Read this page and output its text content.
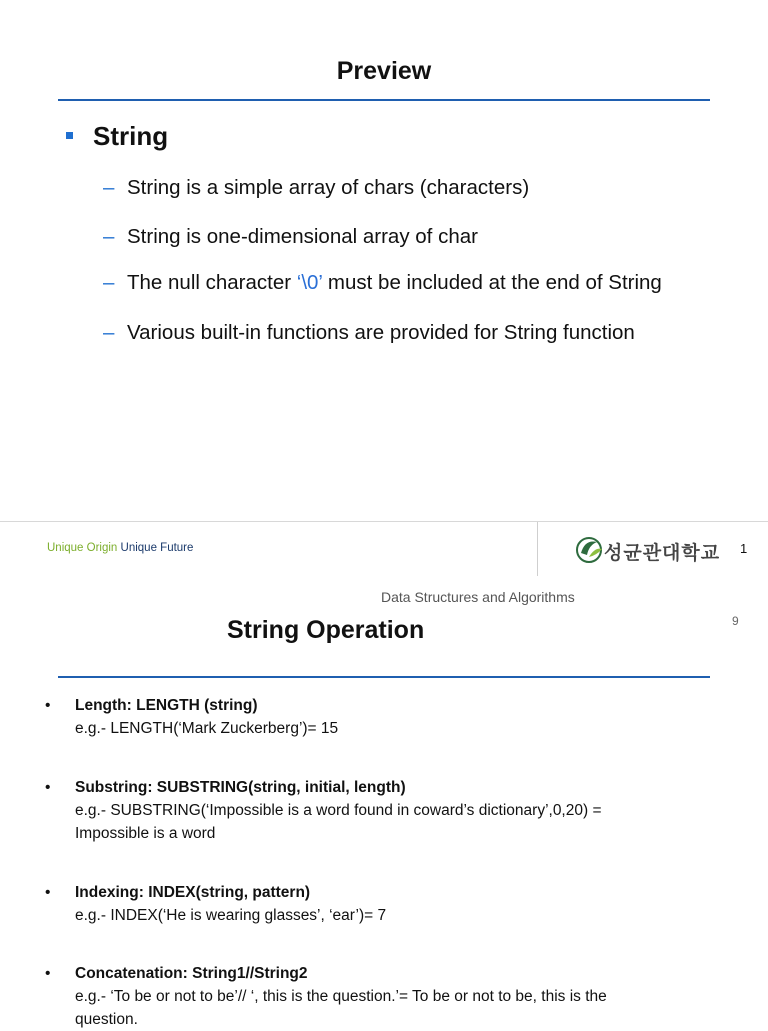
Preview
String
– String is a simple array of chars (characters)
– String is one-dimensional array of char
– The null character ‘\0’ must be included at the end of String
– Various built-in functions are provided for String function
Unique Origin Unique Future	성균관대학교 1
Data Structures and Algorithms
9
String Operation
• Length: LENGTH (string)
e.g.- LENGTH(‘Mark Zuckerberg’)= 15
• Substring: SUBSTRING(string, initial, length)
e.g.- SUBSTRING(‘Impossible is a word found in coward’s dictionary’,0,20) =
Impossible is a word
• Indexing: INDEX(string, pattern)
e.g.- INDEX(‘He is wearing glasses’, ‘ear’)= 7
• Concatenation: String1//String2
e.g.- ‘To be or not to be’// ‘, this is the question.’= To be or not to be, this is the
question.
